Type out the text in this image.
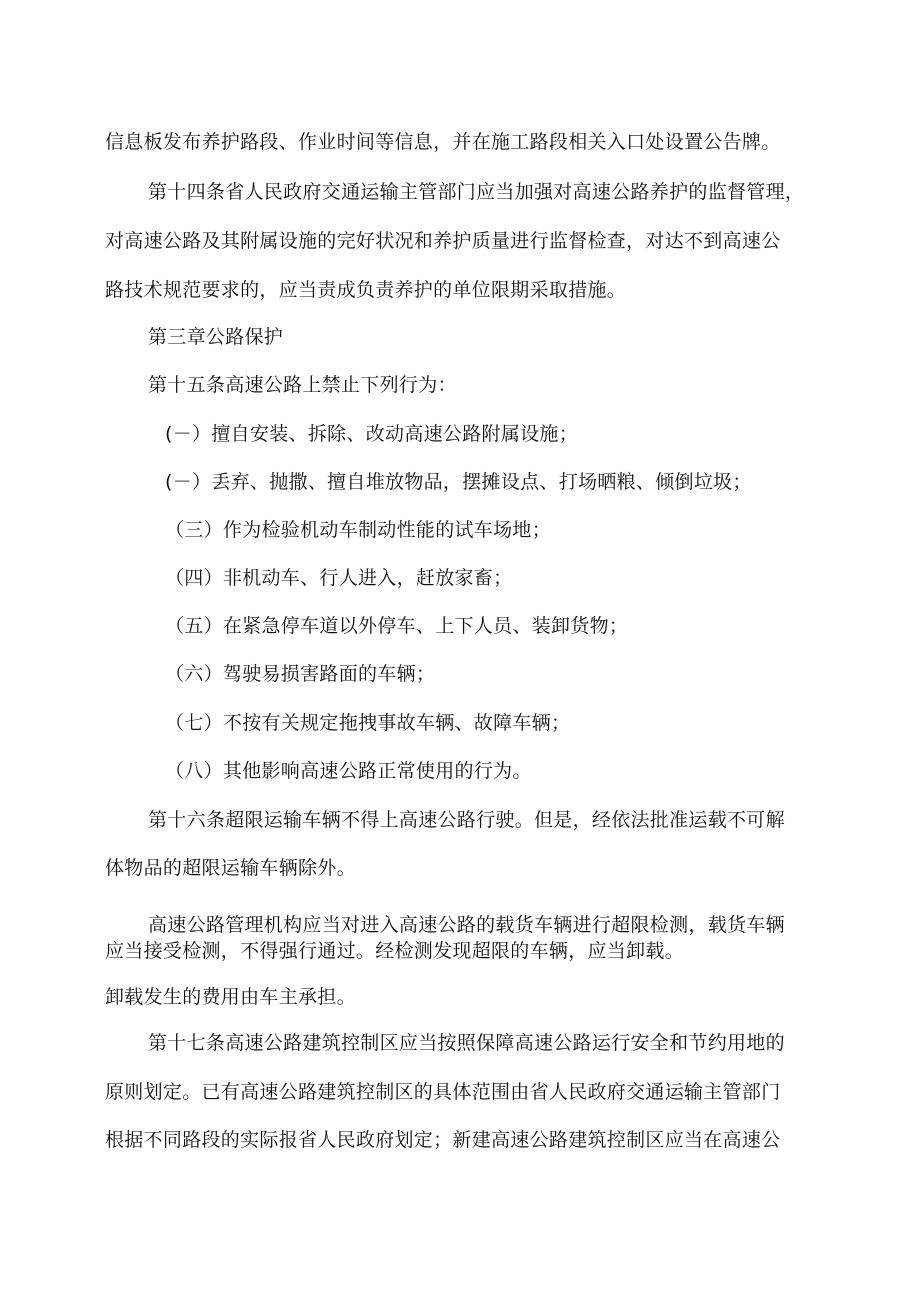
信息板发布养护路段、作业时间等信息，并在施工路段相关入口处设置公告牌。
第十四条省人民政府交通运输主管部门应当加强对高速公路养护的监督管理，
对高速公路及其附属设施的完好状况和养护质量进行监督检查，对达不到高速公
路技术规范要求的，应当责成负责养护的单位限期采取措施。
第三章公路保护
第十五条高速公路上禁止下列行为：
(－）擅自安装、拆除、改动高速公路附属设施；
(－）丢弃、抛撒、擅自堆放物品，摆摊设点、打场晒粮、倾倒垃圾；
（三）作为检验机动车制动性能的试车场地；
（四）非机动车、行人进入，赶放家畜；
（五）在紧急停车道以外停车、上下人员、装卸货物；
（六）驾驶易损害路面的车辆；
（七）不按有关规定拖拽事故车辆、故障车辆；
（八）其他影响高速公路正常使用的行为。
第十六条超限运输车辆不得上高速公路行驶。但是，经依法批准运载不可解
体物品的超限运输车辆除外。
高速公路管理机构应当对进入高速公路的载货车辆进行超限检测，载货车辆
应当接受检测，不得强行通过。经检测发现超限的车辆，应当卸载。
卸载发生的费用由车主承担。
第十七条高速公路建筑控制区应当按照保障高速公路运行安全和节约用地的
原则划定。已有高速公路建筑控制区的具体范围由省人民政府交通运输主管部门
根据不同路段的实际报省人民政府划定；新建高速公路建筑控制区应当在高速公
